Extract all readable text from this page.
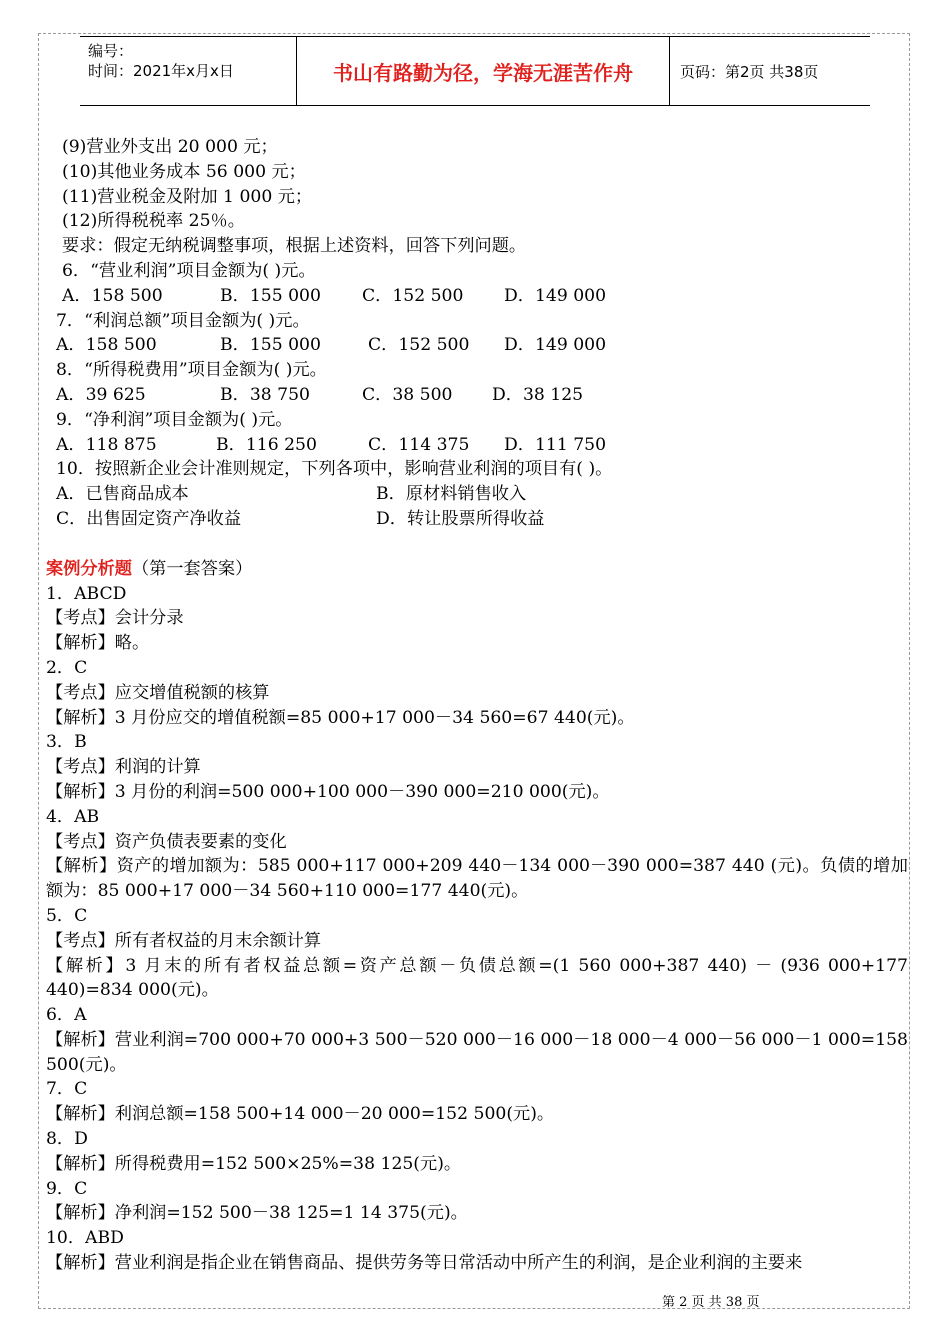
编号：
时间：2021年x月x日	书山有路勤为径，学海无涯苦作舟	页码：第2页 共38页
(9)营业外支出 20 000 元；
(10)其他业务成本 56 000 元；
(11)营业税金及附加 1 000 元；
(12)所得税税率 25％。
要求：假定无纳税调整事项，根据上述资料，回答下列问题。
6．“营业利润”项目金额为( )元。
A．158 500	B．155 000	C．152 500	D．149 000
7．“利润总额”项目金额为( )元。
A．158 500	B．155 000	C．152 500	D．149 000
8．“所得税费用”项目金额为( )元。
A．39 625	B．38 750	C．38 500	D．38 125
9．“净利润”项目金额为( )元。
A．118 875	B．116 250	C．114 375	D．111 750
10．按照新企业会计准则规定，下列各项中，影响营业利润的项目有( )。
A．已售商品成本	B．原材料销售收入
C．出售固定资产净收益	D．转让股票所得收益
案例分析题（第一套答案）
1．ABCD
【考点】会计分录
【解析】略。
2．C
【考点】应交增值税额的核算
【解析】3 月份应交的增值税额=85 000+17 000－34 560=67 440(元)。
3．B
【考点】利润的计算
【解析】3 月份的利润=500 000+100 000－390 000=210 000(元)。
4．AB
【考点】资产负债表要素的变化
【解析】资产的增加额为：585 000+117 000+209 440－134 000－390 000=387 440 (元)。负债的增加额为：85 000+17 000－34 560+110 000=177 440(元)。
5．C
【考点】所有者权益的月末余额计算
【解析】3 月末的所有者权益总额=资产总额－负债总额=(1 560 000+387 440) － (936 000+177 440)=834 000(元)。
6．A
【解析】营业利润=700 000+70 000+3 500－520 000－16 000－18 000－4 000－56 000－1 000=158 500(元)。
7．C
【解析】利润总额=158 500+14 000－20 000=152 500(元)。
8．D
【解析】所得税费用=152 500×25%=38 125(元)。
9．C
【解析】净利润=152 500－38 125=1 14 375(元)。
10．ABD
【解析】营业利润是指企业在销售商品、提供劳务等日常活动中所产生的利润，是企业利润的主要来
第 2 页 共 38 页
